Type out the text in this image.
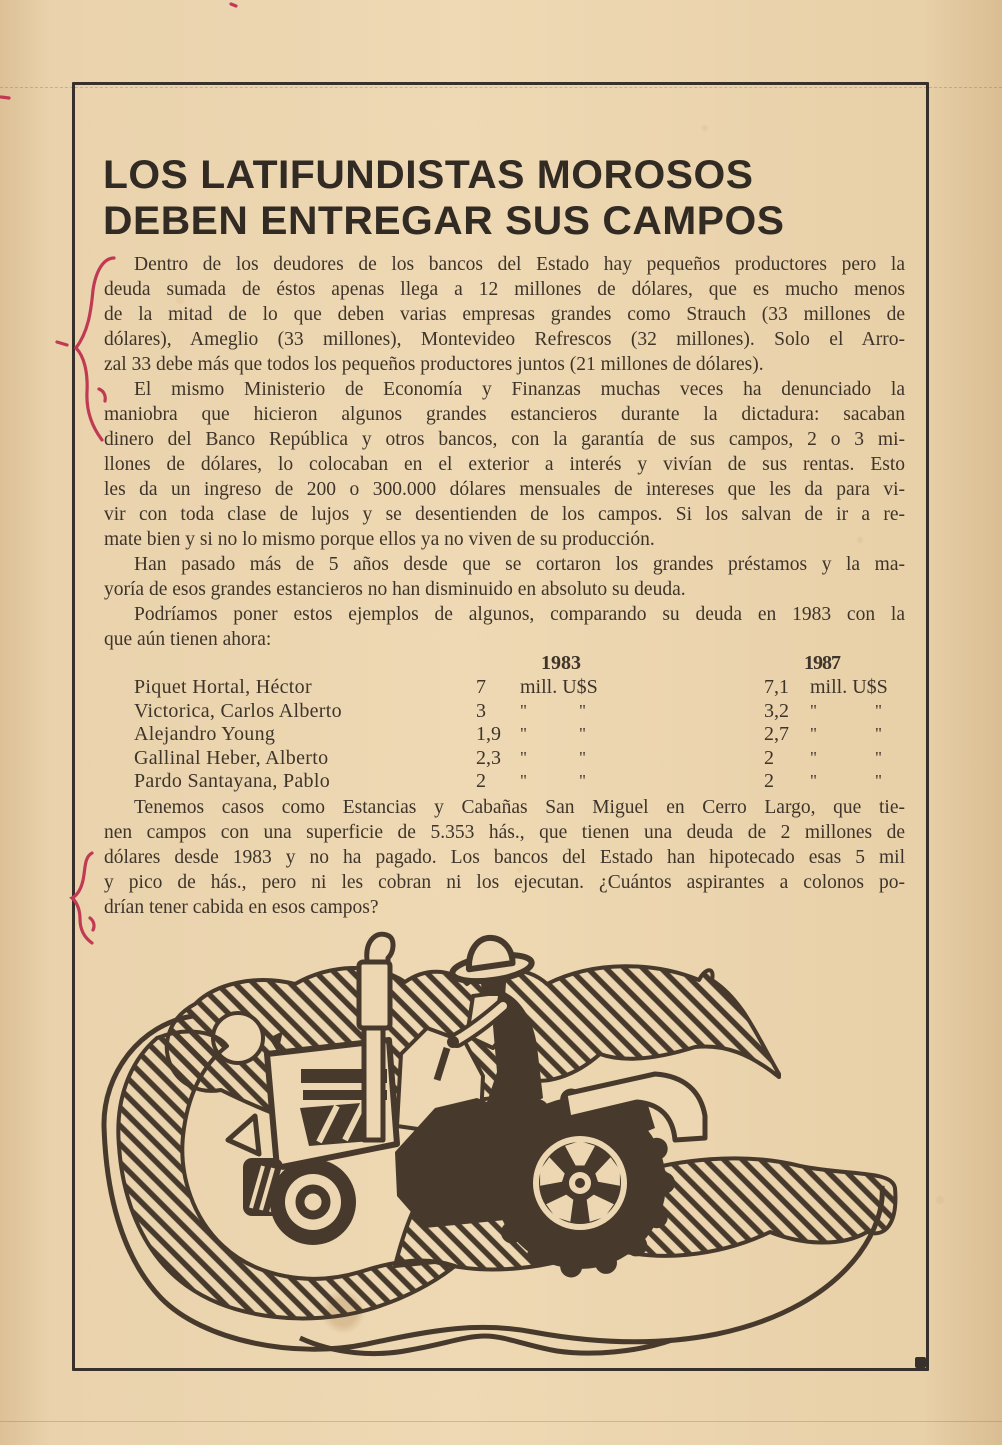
LOS LATIFUNDISTAS MOROSOS
DEBEN ENTREGAR SUS CAMPOS
Dentro de los deudores de los bancos del Estado hay pequeños productores pero la
deuda sumada de éstos apenas llega a 12 millones de dólares, que es mucho menos
de la mitad de lo que deben varias empresas grandes como Strauch (33 millones de
dólares), Ameglio (33 millones), Montevideo Refrescos (32 millones). Solo el Arro-
zal 33 debe más que todos los pequeños productores juntos (21 millones de dólares).
El mismo Ministerio de Economía y Finanzas muchas veces ha denunciado la
maniobra que hicieron algunos grandes estancieros durante la dictadura: sacaban
dinero del Banco República y otros bancos, con la garantía de sus campos, 2 o 3 mi-
llones de dólares, lo colocaban en el exterior a interés y vivían de sus rentas. Esto
les da un ingreso de 200 o 300.000 dólares mensuales de intereses que les da para vi-
vir con toda clase de lujos y se desentienden de los campos. Si los salvan de ir a re-
mate bien y si no lo mismo porque ellos ya no viven de su producción.
Han pasado más de 5 años desde que se cortaron los grandes préstamos y la ma-
yoría de esos grandes estancieros no han disminuido en absoluto su deuda.
Podríamos poner estos ejemplos de algunos, comparando su deuda en 1983 con la
que aún tienen ahora:
1983	1987
Piquet Hortal, Héctor	7 mill. U$S	7,1 mill. U$S
Victorica, Carlos Alberto	3 "	"	3,2 "	"
Alejandro Young	1,9 "	"	2,7 "	"
Gallinal Heber, Alberto	2,3 "	"	2 "	"
Pardo Santayana, Pablo	2 "	"	2 "	"
Tenemos casos como Estancias y Cabañas San Miguel en Cerro Largo, que tie-
nen campos con una superficie de 5.353 hás., que tienen una deuda de 2 millones de
dólares desde 1983 y no ha pagado. Los bancos del Estado han hipotecado esas 5 mil
y pico de hás., pero ni les cobran ni los ejecutan. ¿Cuántos aspirantes a colonos po-
drían tener cabida en esos campos?
